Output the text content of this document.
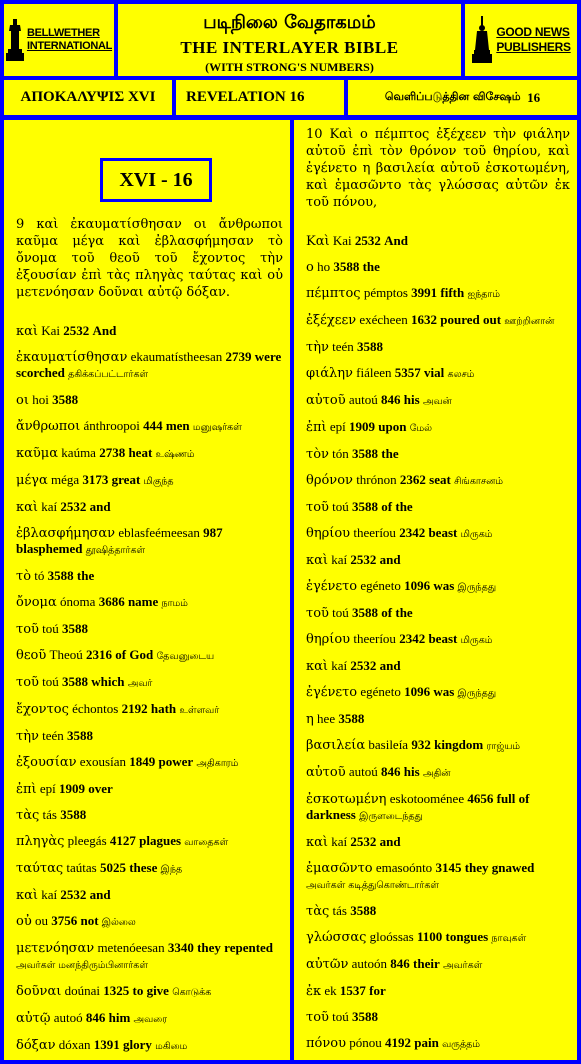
BELLWETHER
INTERNATIONAL
படிநிலை வேதாகமம்
THE INTERLAYER BIBLE
(WITH STRONG'S NUMBERS)
GOOD NEWS
PUBLISHERS
ΑΠΟΚΑΛΥΨΙΣ XVI REVELATION
16	வெளிப்படுத்தின விசேஷம்
16
XVI - 16
9 καὶ ἐκαυματίσθησαν οι ἄνθρωποι καῦμα μέγα καὶ ἐβλασφήμησαν τὸ ὄνομα τοῦ θεοῦ τοῦ ἔχοντος τὴν ἐξουσίαν ἐπὶ τὰς πληγὰς ταύτας καὶ οὐ μετενόησαν δοῦναι αὐτῷ δόξαν.
καὶ Kai 2532 And
ἐκαυματίσθησαν ekaumatístheesan 2739 were scorched தகிக்கப்பட்டார்கள்
οι hoi 3588
ἄνθρωποι ánthroopoi 444 men மனுஷர்கள்
καῦμα kaúma 2738 heat உஷ்ணம்
μέγα méga 3173 great மிகுந்த
καὶ kaí 2532 and
ἐβλασφήμησαν eblasfeémeesan 987 blasphemed தூஷித்தார்கள்
τὸ tó 3588 the
ὄνομα ónoma 3686 name நாமம்
τοῦ toú 3588
θεοῦ Theoú 2316 of God தேவனுடைய
τοῦ toú 3588 which அவர்
ἔχοντος échontos 2192 hath உள்ளவர்
τὴν teén 3588
ἐξουσίαν exousían 1849 power அதிகாரம்
ἐπὶ epí 1909 over
τὰς tás 3588
πληγὰς pleegás 4127 plagues வாதைகள்
ταύτας taútas 5025 these இந்த
καὶ kaí 2532 and
οὐ ou 3756 not இல்லை
μετενόησαν metenóeesan 3340 they repented அவர்கள் மனந்திரும்பினார்கள்
δοῦναι doúnai 1325 to give கொடுக்க
αὐτῷ autoó 846 him அவரை
δόξαν dóxan 1391 glory மகிமை
10 Καὶ ο πέμπτος ἐξέχεεν τὴν φιάλην αὐτοῦ ἐπὶ τὸν θρόνον τοῦ θηρίου, καὶ ἐγένετο η βασιλεία αὐτοῦ ἐσκοτωμένη, καὶ ἐμασῶντο τὰς γλώσσας αὐτῶν ἐκ τοῦ πόνου,
Καὶ Kai 2532 And
ο ho 3588 the
πέμπτος pémptos 3991 fifth ஐந்தாம்
ἐξέχεεν exécheen 1632 poured out ஊற்றினான்
τὴν teén 3588
φιάλην fiáleen 5357 vial கலசம்
αὐτοῦ autoú 846 his அவன்
ἐπὶ epí 1909 upon மேல்
τὸν tón 3588 the
θρόνον thrónon 2362 seat சிங்காசனம்
τοῦ toú 3588 of the
θηρίου theeríou 2342 beast மிருகம்
καὶ kaí 2532 and
ἐγένετο egéneto 1096 was இருந்தது
τοῦ toú 3588 of the
θηρίου theeríou 2342 beast மிருகம்
καὶ kaí 2532 and
ἐγένετο egéneto 1096 was இருந்தது
η hee 3588
βασιλεία basileía 932 kingdom ராஜ்யம்
αὐτοῦ autoú 846 his அதின்
ἐσκοτωμένη eskotooménee 4656 full of darkness இருளடைந்தது
καὶ kaí 2532 and
ἐμασῶντο emasoónto 3145 they gnawed அவர்கள் கடித்துகொண்டார்கள்
τὰς tás 3588
γλώσσας gloóssas 1100 tongues நாவுகள்
αὐτῶν autoón 846 their அவர்கள்
ἐκ ek 1537 for
τοῦ toú 3588
πόνου pónou 4192 pain வருத்தம்
